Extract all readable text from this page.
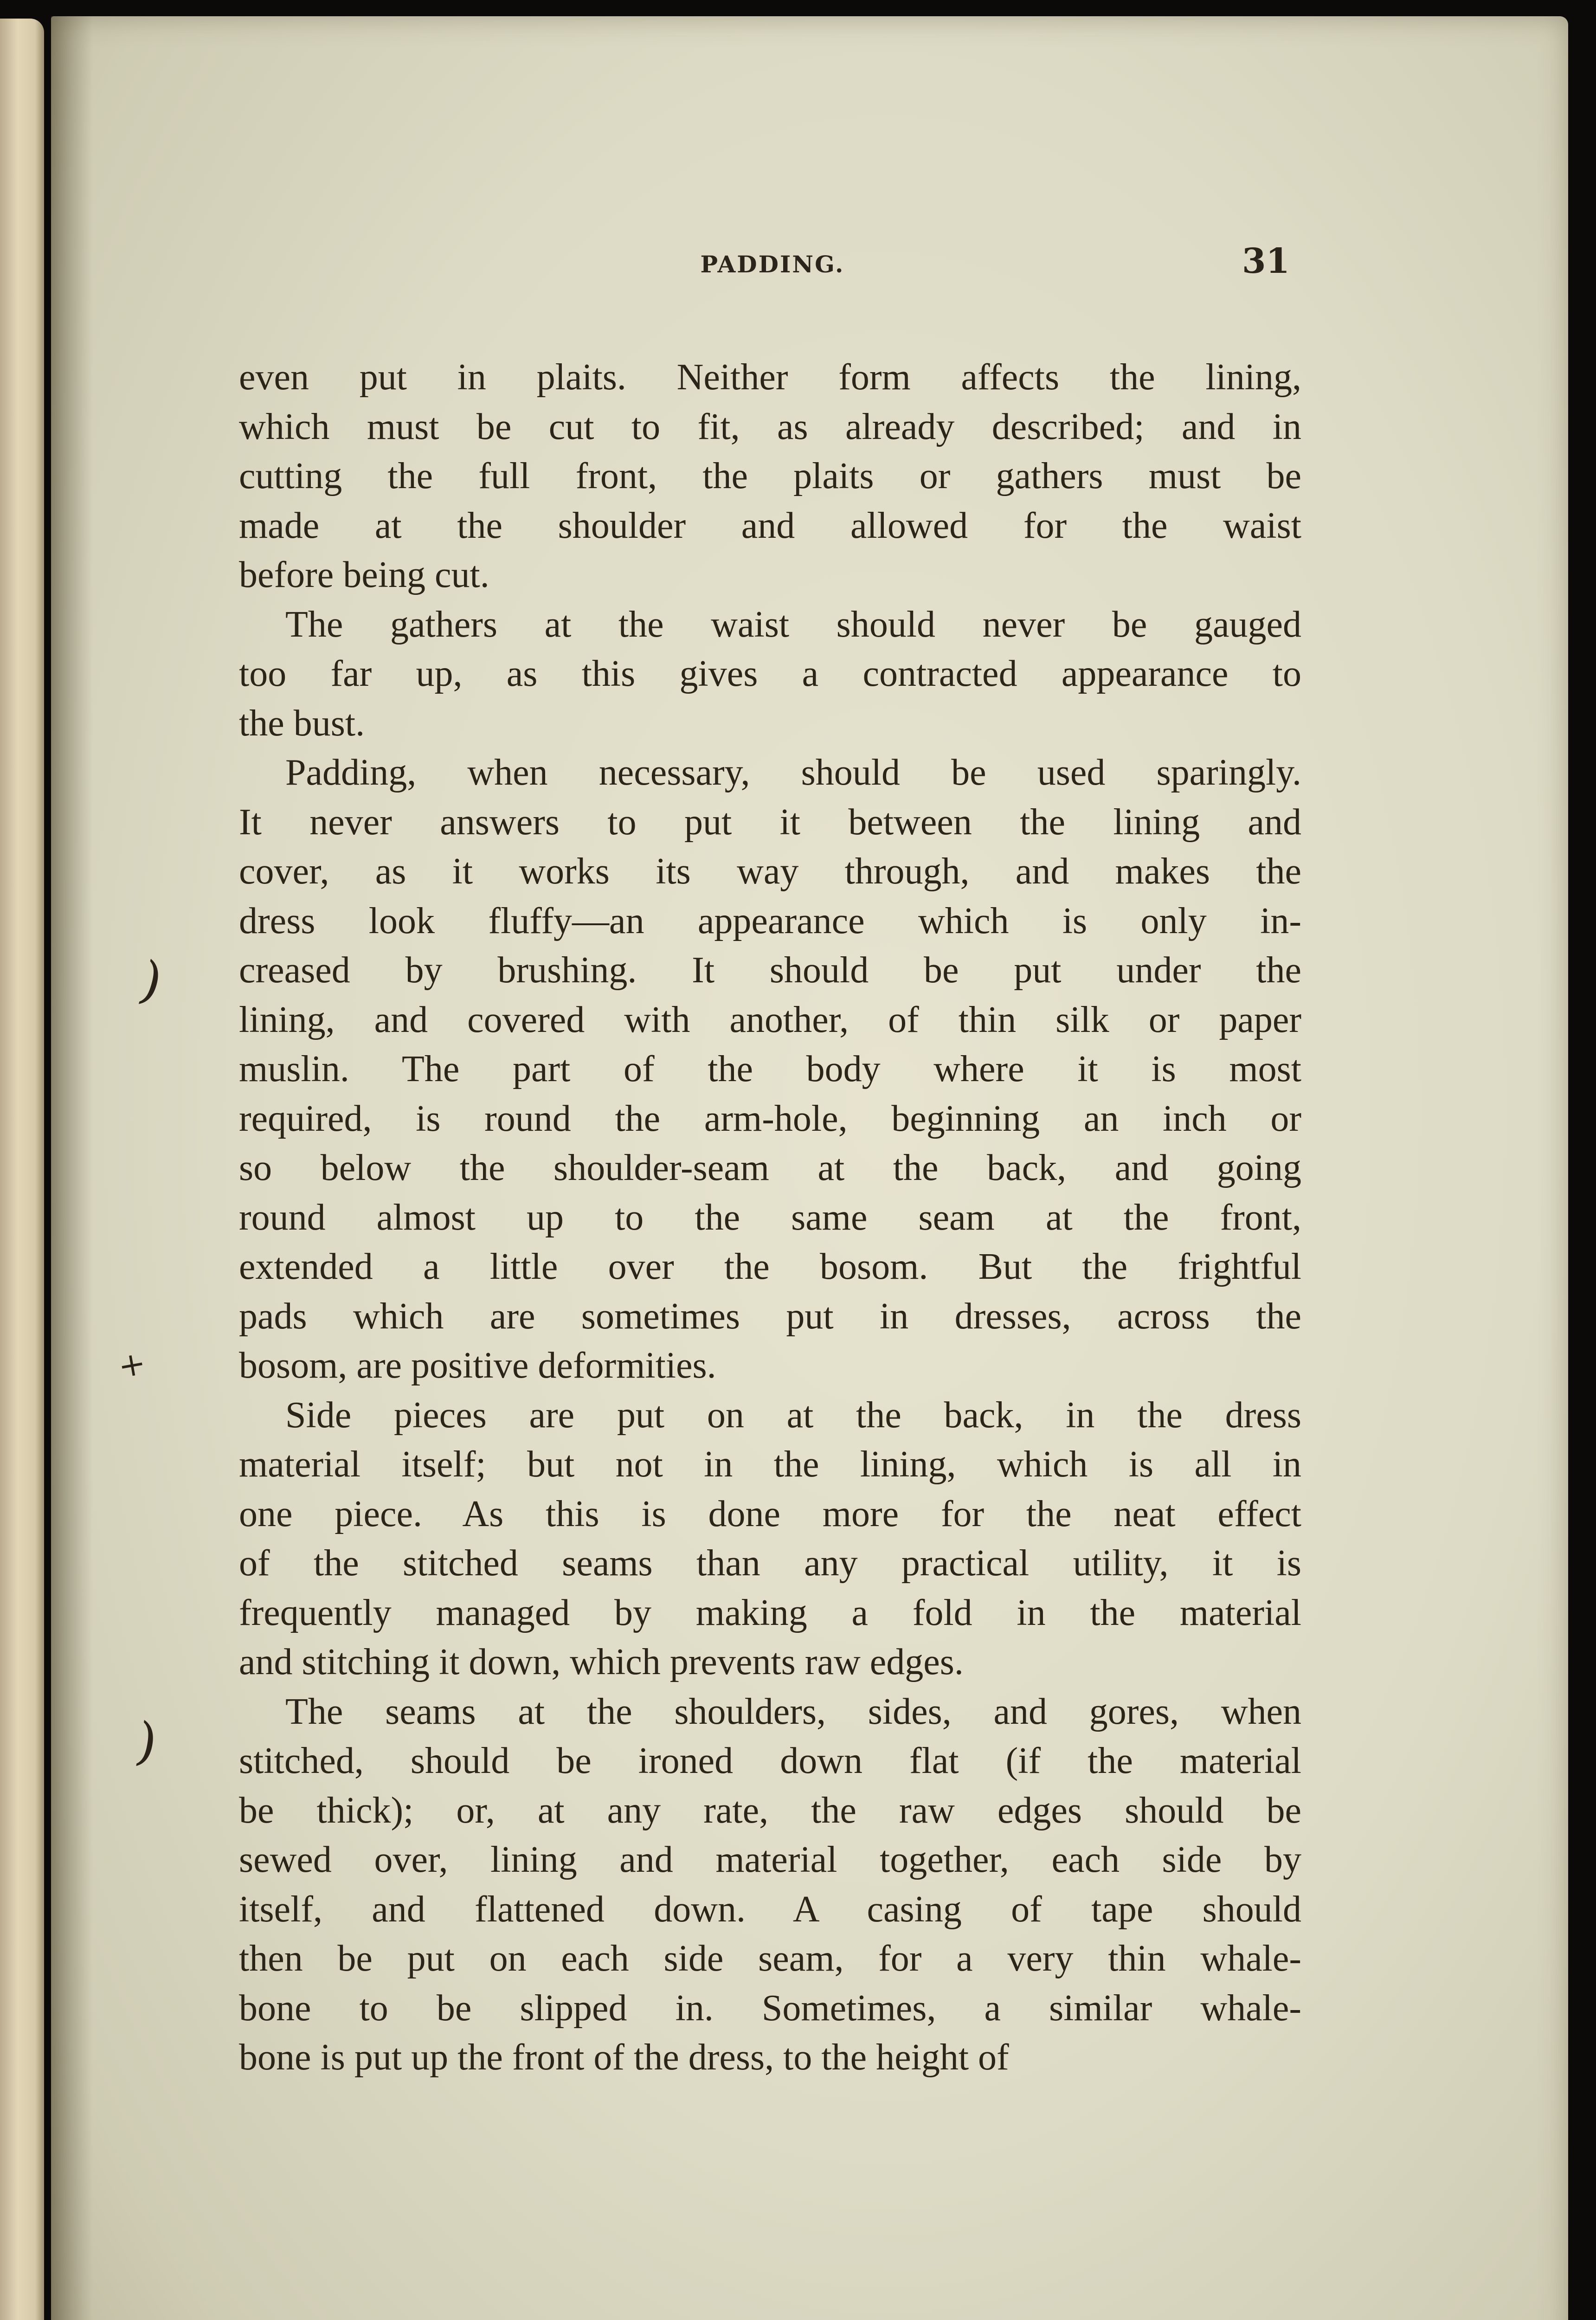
PADDING.	31
even put in plaits. Neither form affects the lining,
which must be cut to fit, as already described; and in
cutting the full front, the plaits or gathers must be
made at the shoulder and allowed for the waist
before being cut.
The gathers at the waist should never be gauged
too far up, as this gives a contracted appearance to
the bust.
Padding, when necessary, should be used sparingly.
It never answers to put it between the lining and
cover, as it works its way through, and makes the
dress look fluffy—an appearance which is only in-
creased by brushing. It should be put under the
lining, and covered with another, of thin silk or paper
muslin. The part of the body where it is most
required, is round the arm-hole, beginning an inch or
so below the shoulder-seam at the back, and going
round almost up to the same seam at the front,
extended a little over the bosom. But the frightful
pads which are sometimes put in dresses, across the
bosom, are positive deformities.
Side pieces are put on at the back, in the dress
material itself; but not in the lining, which is all in
one piece. As this is done more for the neat effect
of the stitched seams than any practical utility, it is
frequently managed by making a fold in the material
and stitching it down, which prevents raw edges.
The seams at the shoulders, sides, and gores, when
stitched, should be ironed down flat (if the material
be thick); or, at any rate, the raw edges should be
sewed over, lining and material together, each side by
itself, and flattened down. A casing of tape should
then be put on each side seam, for a very thin whale-
bone to be slipped in. Sometimes, a similar whale-
bone is put up the front of the dress, to the height of
)
+
)
